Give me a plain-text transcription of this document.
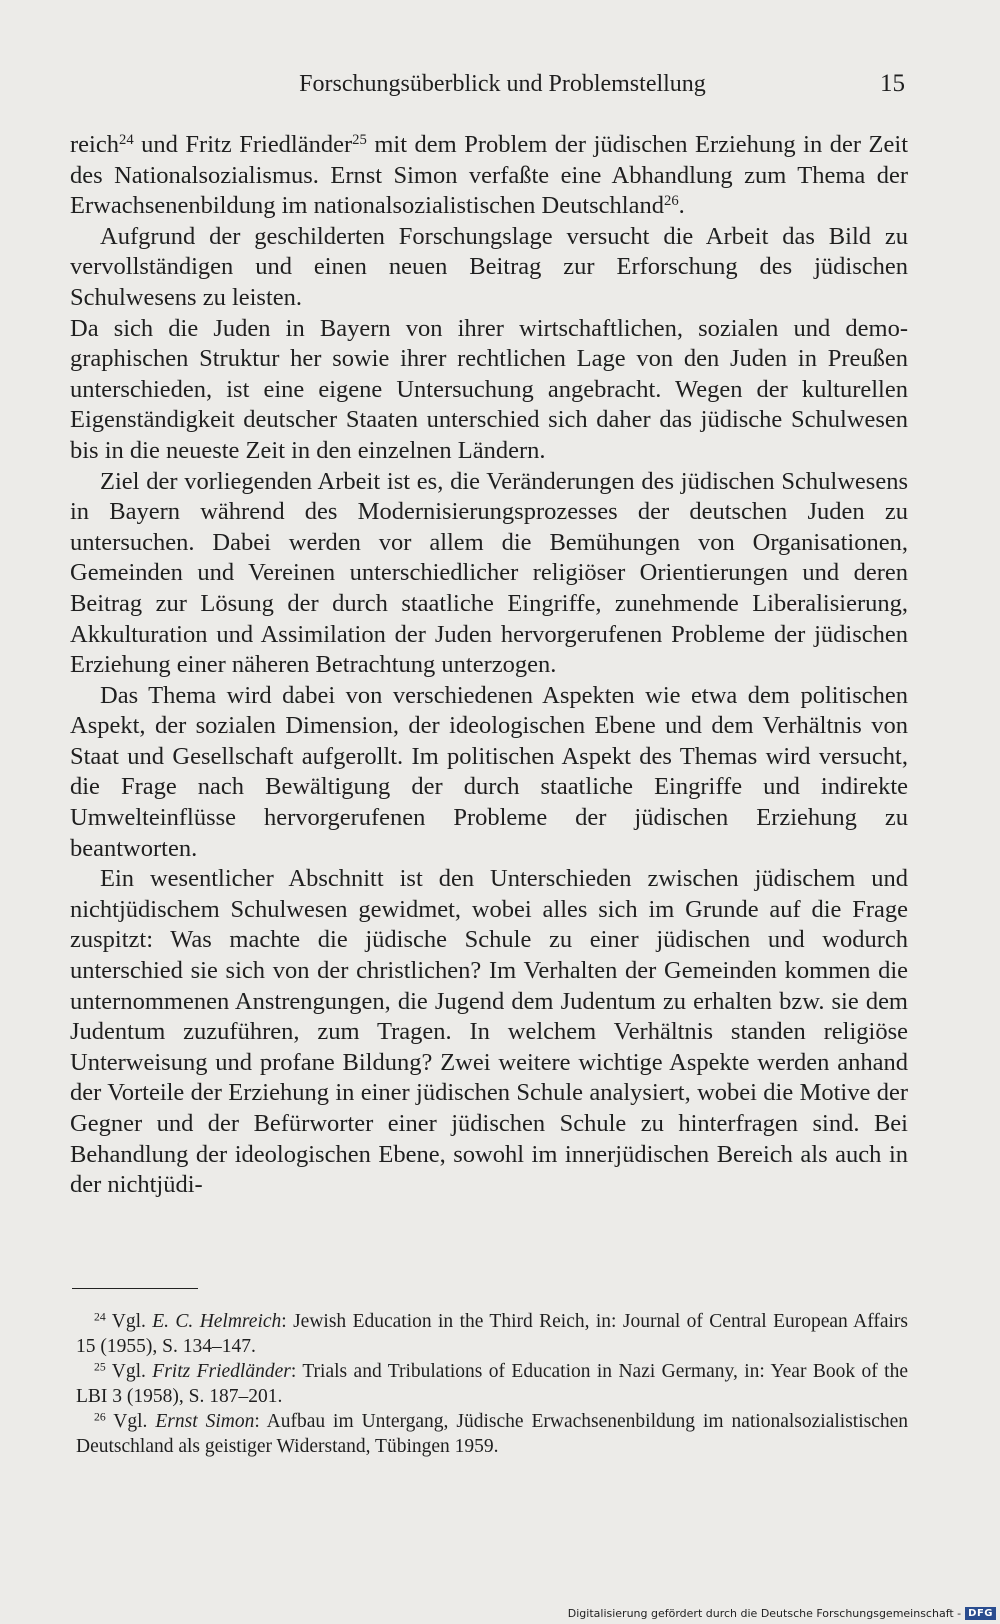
Forschungsüberblick und Problemstellung	15

reich$^{24}$ und Fritz Friedländer$^{25}$ mit dem Problem der jüdischen Erziehung in der Zeit des Nationalsozialismus. Ernst Simon verfaßte eine Abhandlung zum Thema der Erwachsenenbildung im nationalsozialistischen Deutschland$^{26}$.

Aufgrund der geschilderten Forschungslage versucht die Arbeit das Bild zu vervollständigen und einen neuen Beitrag zur Erforschung des jüdischen Schulwesens zu leisten.

Da sich die Juden in Bayern von ihrer wirtschaftlichen, sozialen und demographischen Struktur her sowie ihrer rechtlichen Lage von den Juden in Preußen unterschieden, ist eine eigene Untersuchung angebracht. Wegen der kulturellen Eigenständigkeit deutscher Staaten unterschied sich daher das jüdische Schulwesen bis in die neueste Zeit in den einzelnen Ländern.

Ziel der vorliegenden Arbeit ist es, die Veränderungen des jüdischen Schulwesens in Bayern während des Modernisierungsprozesses der deutschen Juden zu untersuchen. Dabei werden vor allem die Bemühungen von Organisationen, Gemeinden und Vereinen unterschiedlicher religiöser Orientierungen und deren Beitrag zur Lösung der durch staatliche Eingriffe, zunehmende Liberalisierung, Akkulturation und Assimilation der Juden hervorgerufenen Probleme der jüdischen Erziehung einer näheren Betrachtung unterzogen.

Das Thema wird dabei von verschiedenen Aspekten wie etwa dem politischen Aspekt, der sozialen Dimension, der ideologischen Ebene und dem Verhältnis von Staat und Gesellschaft aufgerollt. Im politischen Aspekt des Themas wird versucht, die Frage nach Bewältigung der durch staatliche Eingriffe und indirekte Umwelteinflüsse hervorgerufenen Probleme der jüdischen Erziehung zu beantworten.

Ein wesentlicher Abschnitt ist den Unterschieden zwischen jüdischem und nichtjüdischem Schulwesen gewidmet, wobei alles sich im Grunde auf die Frage zuspitzt: Was machte die jüdische Schule zu einer jüdischen und wodurch unterschied sie sich von der christlichen? Im Verhalten der Gemeinden kommen die unternommenen Anstrengungen, die Jugend dem Judentum zu erhalten bzw. sie dem Judentum zuzuführen, zum Tragen. In welchem Verhältnis standen religiöse Unterweisung und profane Bildung? Zwei weitere wichtige Aspekte werden anhand der Vorteile der Erziehung in einer jüdischen Schule analysiert, wobei die Motive der Gegner und der Befürworter einer jüdischen Schule zu hinterfragen sind. Bei Behandlung der ideologischen Ebene, sowohl im innerjüdischen Bereich als auch in der nichtjüdi-

$^{24}$ Vgl. E. C. Helmreich: Jewish Education in the Third Reich, in: Journal of Central European Affairs 15 (1955), S. 134–147.

$^{25}$ Vgl. Fritz Friedländer: Trials and Tribulations of Education in Nazi Germany, in: Year Book of the LBI 3 (1958), S. 187–201.

$^{26}$ Vgl. Ernst Simon: Aufbau im Untergang, Jüdische Erwachsenenbildung im nationalsozialistischen Deutschland als geistiger Widerstand, Tübingen 1959.

Digitalisierung gefördert durch die Deutsche Forschungsgemeinschaft - DFG
